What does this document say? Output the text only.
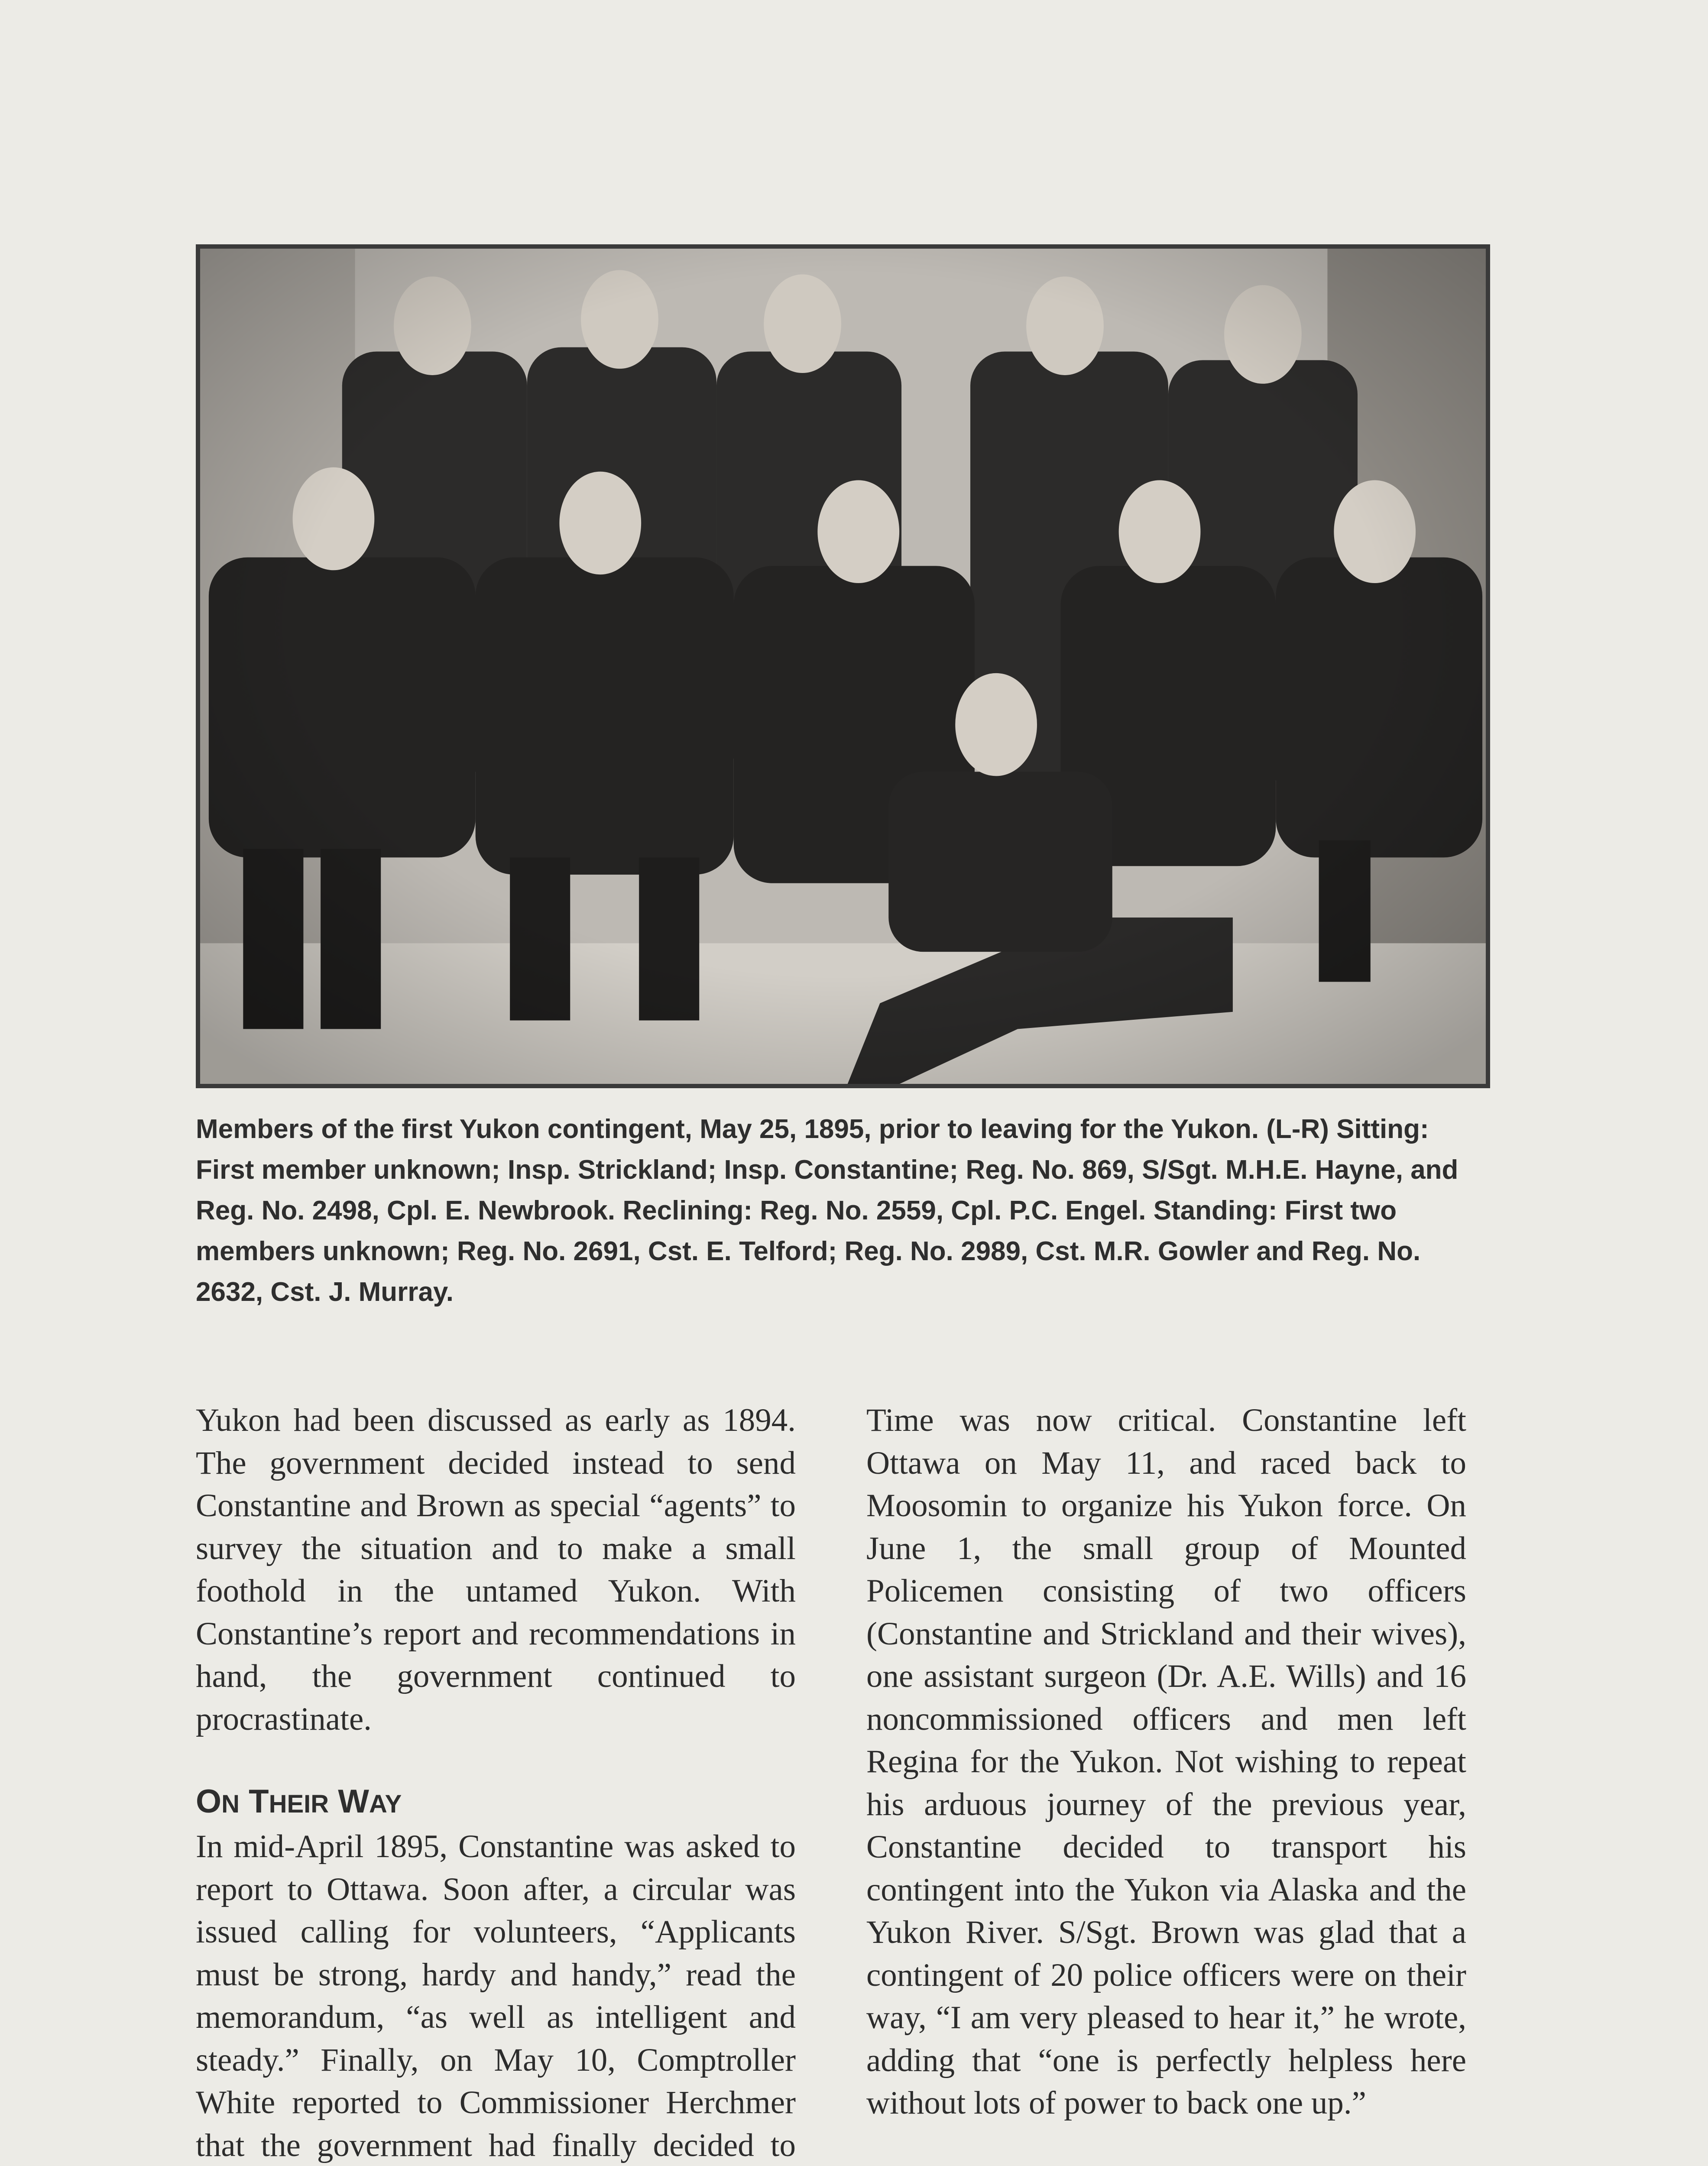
Members of the first Yukon contingent, May 25, 1895, prior to leaving for the Yukon. (L-R) Sitting: First member unknown; Insp. Strickland; Insp. Constantine; Reg. No. 869, S/Sgt. M.H.E. Hayne, and Reg. No. 2498, Cpl. E. Newbrook. Reclining: Reg. No. 2559, Cpl. P.C. Engel. Standing: First two members unknown; Reg. No. 2691, Cst. E. Telford; Reg. No. 2989, Cst. M.R. Gowler and Reg. No. 2632, Cst. J. Murray.

Yukon had been discussed as early as 1894. The government decided instead to send Constantine and Brown as special “agents” to survey the situation and to make a small foothold in the untamed Yukon. With Constantine’s report and recommendations in hand, the government continued to procrastinate.

ON THEIR WAY

In mid-April 1895, Constantine was asked to report to Ottawa. Soon after, a circular was issued calling for volunteers, “Applicants must be strong, hardy and handy,” read the memorandum, “as well as intelligent and steady.” Finally, on May 10, Comptroller White reported to Commissioner Herchmer that the government had finally decided to

Time was now critical. Constantine left Ottawa on May 11, and raced back to Moosomin to organize his Yukon force. On June 1, the small group of Mounted Policemen consisting of two officers (Constantine and Strickland and their wives), one assistant surgeon (Dr. A.E. Wills) and 16 noncommissioned officers and men left Regina for the Yukon. Not wishing to repeat his arduous journey of the previous year, Constantine decided to transport his contingent into the Yukon via Alaska and the Yukon River. S/Sgt. Brown was glad that a contingent of 20 police officers were on their way, “I am very pleased to hear it,” he wrote, adding that “one is perfectly helpless here without lots of power to back one up.”
